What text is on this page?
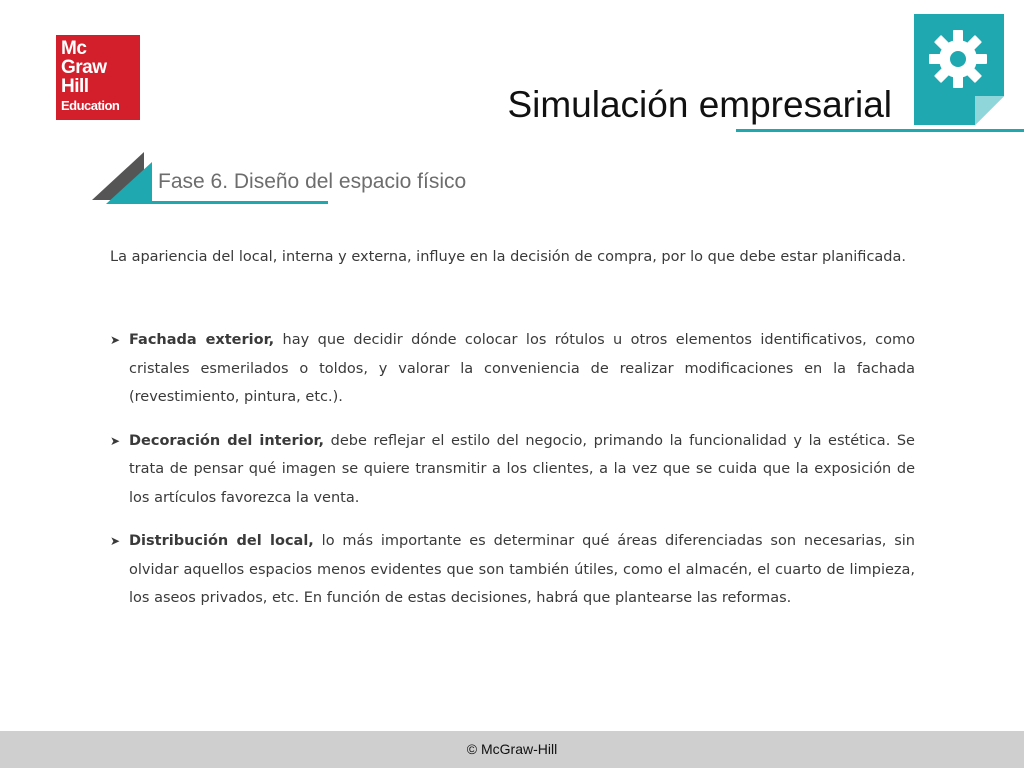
Mc
Graw
Hill
Education	Simulación empresarial
Fase 6. Diseño del espacio físico
La apariencia del local, interna y externa, influye en la decisión de compra, por lo que debe estar planificada.
➤ Fachada exterior, hay que decidir dónde colocar los rótulos u otros elementos identificativos, como cristales esmerilados o toldos, y valorar la conveniencia de realizar modificaciones en la fachada (revestimiento, pintura, etc.).
➤ Decoración del interior, debe reflejar el estilo del negocio, primando la funcionalidad y la estética. Se trata de pensar qué imagen se quiere transmitir a los clientes, a la vez que se cuida que la exposición de los artículos favorezca la venta.
➤ Distribución del local, lo más importante es determinar qué áreas diferenciadas son necesarias, sin olvidar aquellos espacios menos evidentes que son también útiles, como el almacén, el cuarto de limpieza, los aseos privados, etc. En función de estas decisiones, habrá que plantearse las reformas.
© McGraw-Hill
